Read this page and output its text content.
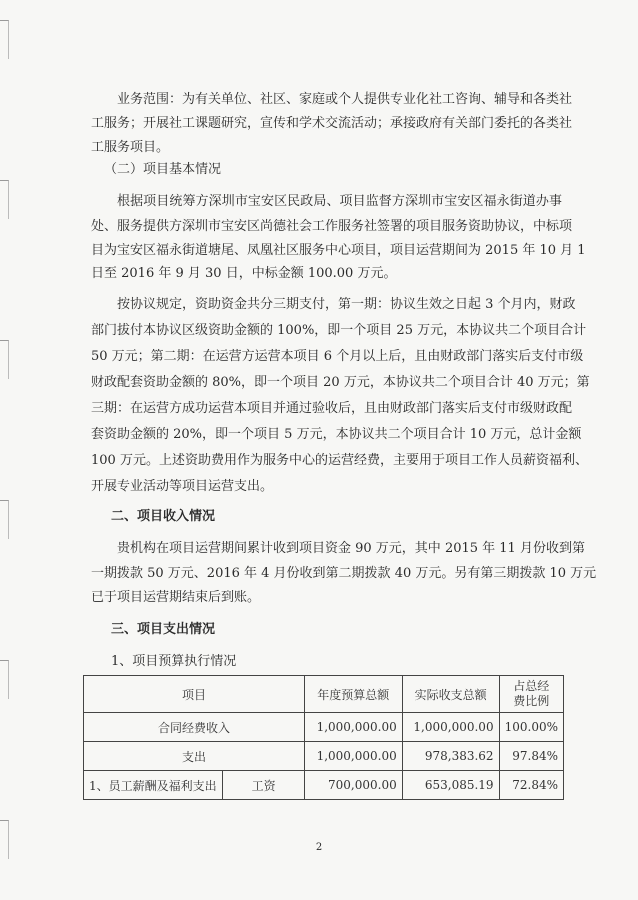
业务范围：为有关单位、社区、家庭或个人提供专业化社工咨询、辅导和各类社
工服务；开展社工课题研究，宣传和学术交流活动；承接政府有关部门委托的各类社
工服务项目。
（二）项目基本情况
根据项目统筹方深圳市宝安区民政局、项目监督方深圳市宝安区福永街道办事
处、服务提供方深圳市宝安区尚德社会工作服务社签署的项目服务资助协议，中标项
目为宝安区福永街道塘尾、凤凰社区服务中心项目，项目运营期间为 2015 年 10 月 1
日至 2016 年 9 月 30 日，中标金额 100.00 万元。
按协议规定，资助资金共分三期支付，第一期：协议生效之日起 3 个月内，财政
部门拔付本协议区级资助金额的 100%，即一个项目 25 万元，本协议共二个项目合计
50 万元；第二期：在运营方运营本项目 6 个月以上后，且由财政部门落实后支付市级
财政配套资助金额的 80%，即一个项目 20 万元，本协议共二个项目合计 40 万元；第
三期：在运营方成功运营本项目并通过验收后，且由财政部门落实后支付市级财政配
套资助金额的 20%，即一个项目 5 万元，本协议共二个项目合计 10 万元，总计金额
100 万元。上述资助费用作为服务中心的运营经费，主要用于项目工作人员薪资福利、
开展专业活动等项目运营支出。
二、项目收入情况
贵机构在项目运营期间累计收到项目资金 90 万元，其中 2015 年 11 月份收到第
一期拨款 50 万元、2016 年 4 月份收到第二期拨款 40 万元。另有第三期拨款 10 万元
已于项目运营期结束后到账。
三、项目支出情况
1、项目预算执行情况
项目		年度预算总额	实际收支总额	占总经费比例
合同经费收入		1,000,000.00	1,000,000.00	100.00%
支出		1,000,000.00	978,383.62	97.84%
1、员工薪酬及福利支出	工资	700,000.00	653,085.19	72.84%
2
